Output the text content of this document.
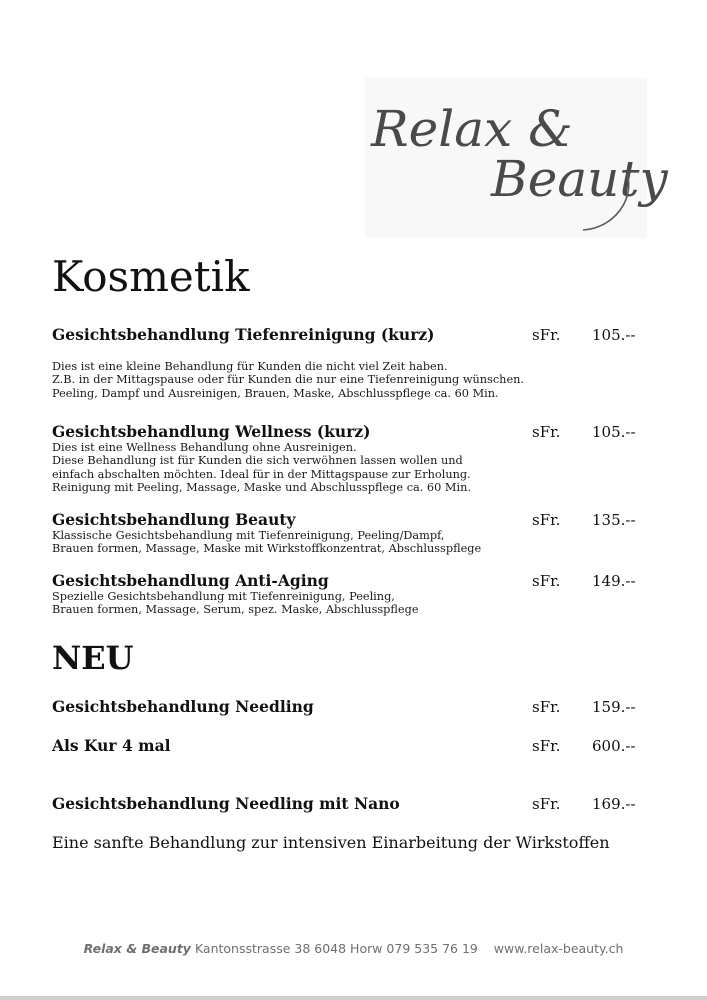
Relax &
Beauty
Kosmetik
Gesichtsbehandlung Tiefenreinigung (kurz)	sFr. 105.--
Dies ist eine kleine Behandlung für Kunden die nicht viel Zeit haben.
Z.B. in der Mittagspause oder für Kunden die nur eine Tiefenreinigung wünschen.
Peeling, Dampf und Ausreinigen, Brauen, Maske, Abschlusspflege ca. 60 Min.
Gesichtsbehandlung Wellness (kurz)	sFr. 105.--
Dies ist eine Wellness Behandlung ohne Ausreinigen.
Diese Behandlung ist für Kunden die sich verwöhnen lassen wollen und
einfach abschalten möchten. Ideal für in der Mittagspause zur Erholung.
Reinigung mit Peeling, Massage, Maske und Abschlusspflege ca. 60 Min.
Gesichtsbehandlung Beauty	sFr. 135.--
Klassische Gesichtsbehandlung mit Tiefenreinigung, Peeling/Dampf,
Brauen formen, Massage, Maske mit Wirkstoffkonzentrat, Abschlusspflege
Gesichtsbehandlung Anti-Aging	sFr. 149.--
Spezielle Gesichtsbehandlung mit Tiefenreinigung, Peeling,
Brauen formen, Massage, Serum, spez. Maske, Abschlusspflege
NEU
Gesichtsbehandlung Needling	sFr. 159.--
Als Kur 4 mal	sFr. 600.--
Gesichtsbehandlung Needling mit Nano	sFr. 169.--
Eine sanfte Behandlung zur intensiven Einarbeitung der Wirkstoffen
Relax & Beauty Kantonsstrasse 38 6048 Horw 079 535 76 19 www.relax-beauty.ch
